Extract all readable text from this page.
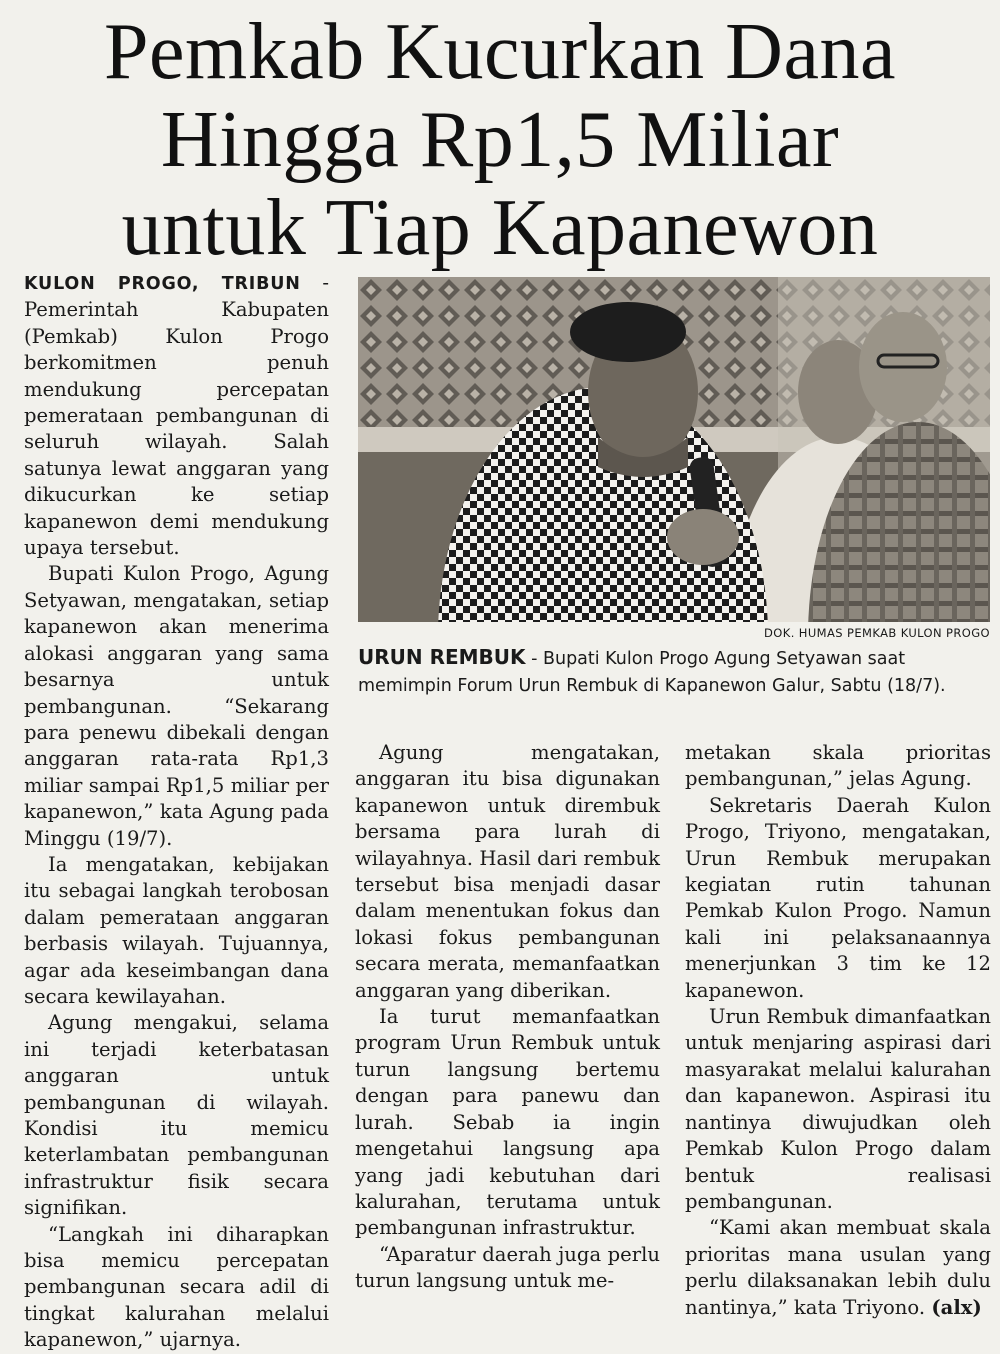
Pemkab Kucurkan Dana
Hingga Rp1,5 Miliar
untuk Tiap Kapanewon
DOK. HUMAS PEMKAB KULON PROGO
URUN REMBUK - Bupati Kulon Progo Agung Setyawan saat memimpin Forum Urun Rembuk di Kapanewon Galur, Sabtu (18/7).

KULON PROGO, TRIBUN - Pemerintah Kabupaten (Pemkab) Kulon Progo berkomitmen penuh mendukung percepatan pemerataan pembangunan di seluruh wilayah. Salah satunya lewat anggaran yang dikucurkan ke setiap kapanewon demi mendukung upaya tersebut.

Bupati Kulon Progo, Agung Setyawan, mengatakan, setiap kapanewon akan menerima alokasi anggaran yang sama besarnya untuk pembangunan. “Sekarang para penewu dibekali dengan anggaran rata-rata Rp1,3 miliar sampai Rp1,5 miliar per kapanewon,” kata Agung pada Minggu (19/7).

Ia mengatakan, kebijakan itu sebagai langkah terobosan dalam pemerataan anggaran berbasis wilayah. Tujuannya, agar ada keseimbangan dana secara kewilayahan.

Agung mengakui, selama ini terjadi keterbatasan anggaran untuk pembangunan di wilayah. Kondisi itu memicu keterlambatan pembangunan infrastruktur fisik secara signifikan.

“Langkah ini diharapkan bisa memicu percepatan pembangunan secara adil di tingkat kalurahan melalui kapanewon,” ujarnya.

Agung mengatakan, anggaran itu bisa digunakan kapanewon untuk dirembuk bersama para lurah di wilayahnya. Hasil dari rembuk tersebut bisa menjadi dasar dalam menentukan fokus dan lokasi fokus pembangunan secara merata, memanfaatkan anggaran yang diberikan.

Ia turut memanfaatkan program Urun Rembuk untuk turun langsung bertemu dengan para panewu dan lurah. Sebab ia ingin mengetahui langsung apa yang jadi kebutuhan dari kalurahan, terutama untuk pembangunan infrastruktur.

“Aparatur daerah juga perlu turun langsung untuk me-

metakan skala prioritas pembangunan,” jelas Agung.

Sekretaris Daerah Kulon Progo, Triyono, mengatakan, Urun Rembuk merupakan kegiatan rutin tahunan Pemkab Kulon Progo. Namun kali ini pelaksanaannya menerjunkan 3 tim ke 12 kapanewon.

Urun Rembuk dimanfaatkan untuk menjaring aspirasi dari masyarakat melalui kalurahan dan kapanewon. Aspirasi itu nantinya diwujudkan oleh Pemkab Kulon Progo dalam bentuk realisasi pembangunan.

“Kami akan membuat skala prioritas mana usulan yang perlu dilaksanakan lebih dulu nantinya,” kata Triyono. (alx)
